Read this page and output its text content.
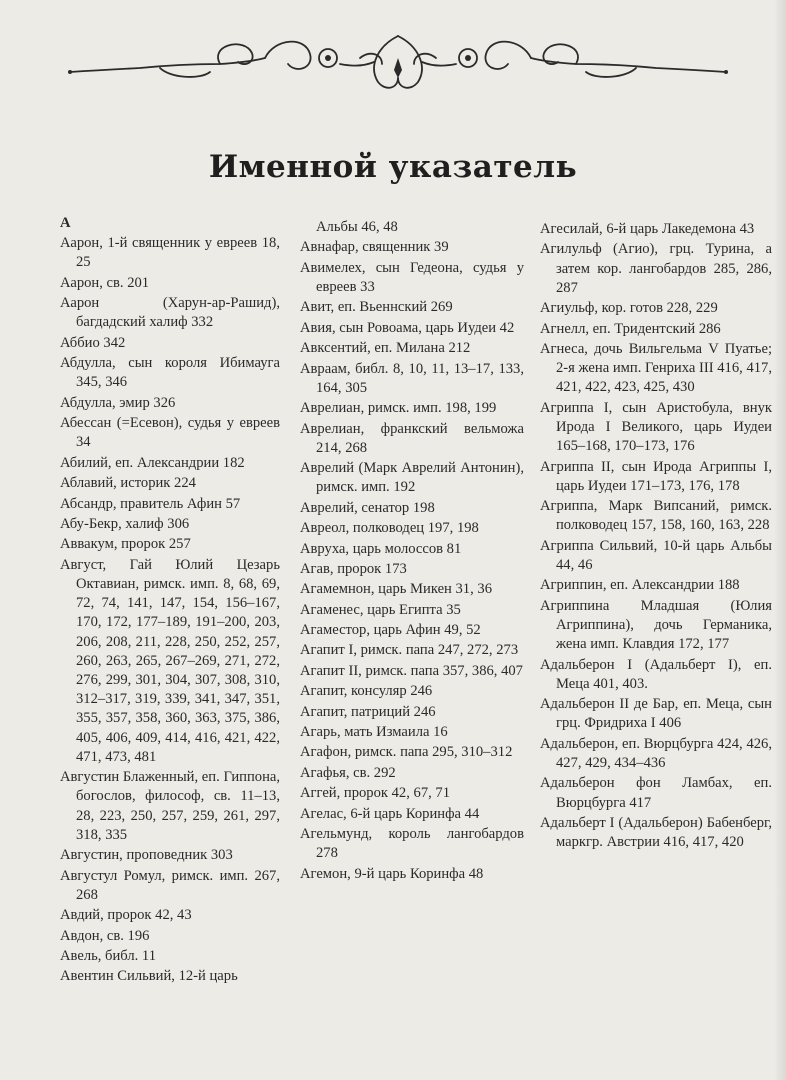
Именной указатель
А
Аарон, 1-й священник у евреев 18, 25
Аарон, св. 201
Аарон (Харун-ар-Рашид), багдадский халиф 332
Аббио 342
Абдулла, сын короля Ибимауга 345, 346
Абдулла, эмир 326
Абессан (=Есевон), судья у евреев 34
Абилий, еп. Александрии 182
Аблавий, историк 224
Абсандр, правитель Афин 57
Абу-Бекр, халиф 306
Аввакум, пророк 257
Август, Гай Юлий Цезарь Октавиан, римск. имп. 8, 68, 69, 72, 74, 141, 147, 154, 156–167, 170, 172, 177–189, 191–200, 203, 206, 208, 211, 228, 250, 252, 257, 260, 263, 265, 267–269, 271, 272, 276, 299, 301, 304, 307, 308, 310, 312–317, 319, 339, 341, 347, 351, 355, 357, 358, 360, 363, 375, 386, 405, 406, 409, 414, 416, 421, 422, 471, 473, 481
Августин Блаженный, еп. Гиппона, богослов, философ, св. 11–13, 28, 223, 250, 257, 259, 261, 297, 318, 335
Августин, проповедник 303
Августул Ромул, римск. имп. 267, 268
Авдий, пророк 42, 43
Авдон, св. 196
Авель, библ. 11
Авентин Сильвий, 12-й царь
Альбы 46, 48
Авнафар, священник 39
Авимелех, сын Гедеона, судья у евреев 33
Авит, еп. Вьеннский 269
Авия, сын Ровоама, царь Иудеи 42
Авксентий, еп. Милана 212
Авраам, библ. 8, 10, 11, 13–17, 133, 164, 305
Аврелиан, римск. имп. 198, 199
Аврелиан, франкский вельможа 214, 268
Аврелий (Марк Аврелий Антонин), римск. имп. 192
Аврелий, сенатор 198
Авреол, полководец 197, 198
Авруха, царь молоссов 81
Агав, пророк 173
Агамемнон, царь Микен 31, 36
Агаменес, царь Египта 35
Агаместор, царь Афин 49, 52
Агапит I, римск. папа 247, 272, 273
Агапит II, римск. папа 357, 386, 407
Агапит, консуляр 246
Агапит, патриций 246
Агарь, мать Измаила 16
Агафон, римск. папа 295, 310–312
Агафья, св. 292
Аггей, пророк 42, 67, 71
Агелас, 6-й царь Коринфа 44
Агельмунд, король лангобардов 278
Агемон, 9-й царь Коринфа 48
Агесилай, 6-й царь Лакедемона 43
Агилульф (Агио), грц. Турина, а затем кор. лангобардов 285, 286, 287
Агиульф, кор. готов 228, 229
Агнелл, еп. Тридентский 286
Агнеса, дочь Вильгельма V Пуатье; 2-я жена имп. Генриха III 416, 417, 421, 422, 423, 425, 430
Агриппа I, сын Аристобула, внук Ирода I Великого, царь Иудеи 165–168, 170–173, 176
Агриппа II, сын Ирода Агриппы I, царь Иудеи 171–173, 176, 178
Агриппа, Марк Випсаний, римск. полководец 157, 158, 160, 163, 228
Агриппа Сильвий, 10-й царь Альбы 44, 46
Агриппин, еп. Александрии 188
Агриппина Младшая (Юлия Агриппина), дочь Германика, жена имп. Клавдия 172, 177
Адальберон I (Адальберт I), еп. Меца 401, 403.
Адальберон II де Бар, еп. Меца, сын грц. Фридриха I 406
Адальберон, еп. Вюрцбурга 424, 426, 427, 429, 434–436
Адальберон фон Ламбах, еп. Вюрцбурга 417
Адальберт I (Адальберон) Бабенберг, маркгр. Австрии 416, 417, 420
